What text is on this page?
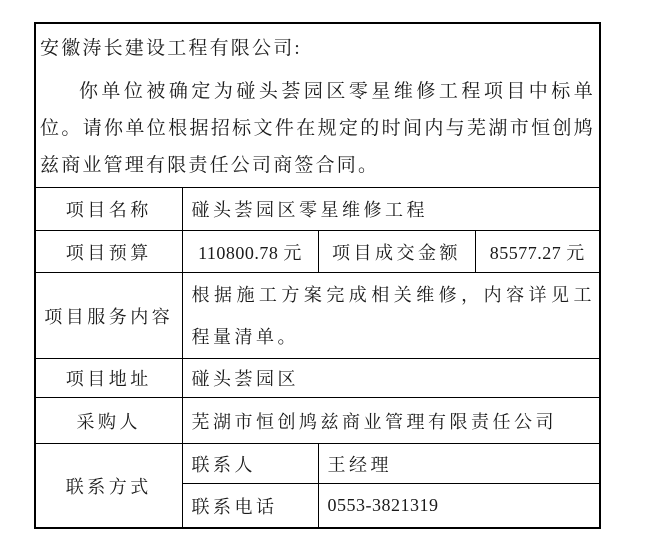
安徽涛长建设工程有限公司:

你单位被确定为碰头荟园区零星维修工程项目中标单位。请你单位根据招标文件在规定的时间内与芜湖市恒创鸠兹商业管理有限责任公司商签合同。

项目名称	碰头荟园区零星维修工程		
项目预算	110800.78 元	项目成交金额	85577.27 元
项目服务内容	根据施工方案完成相关维修，内容详见工程量清单。		
项目地址	碰头荟园区		
采购人	芜湖市恒创鸠兹商业管理有限责任公司		
联系方式	联系人	王经理	
	联系电话	0553-3821319	
